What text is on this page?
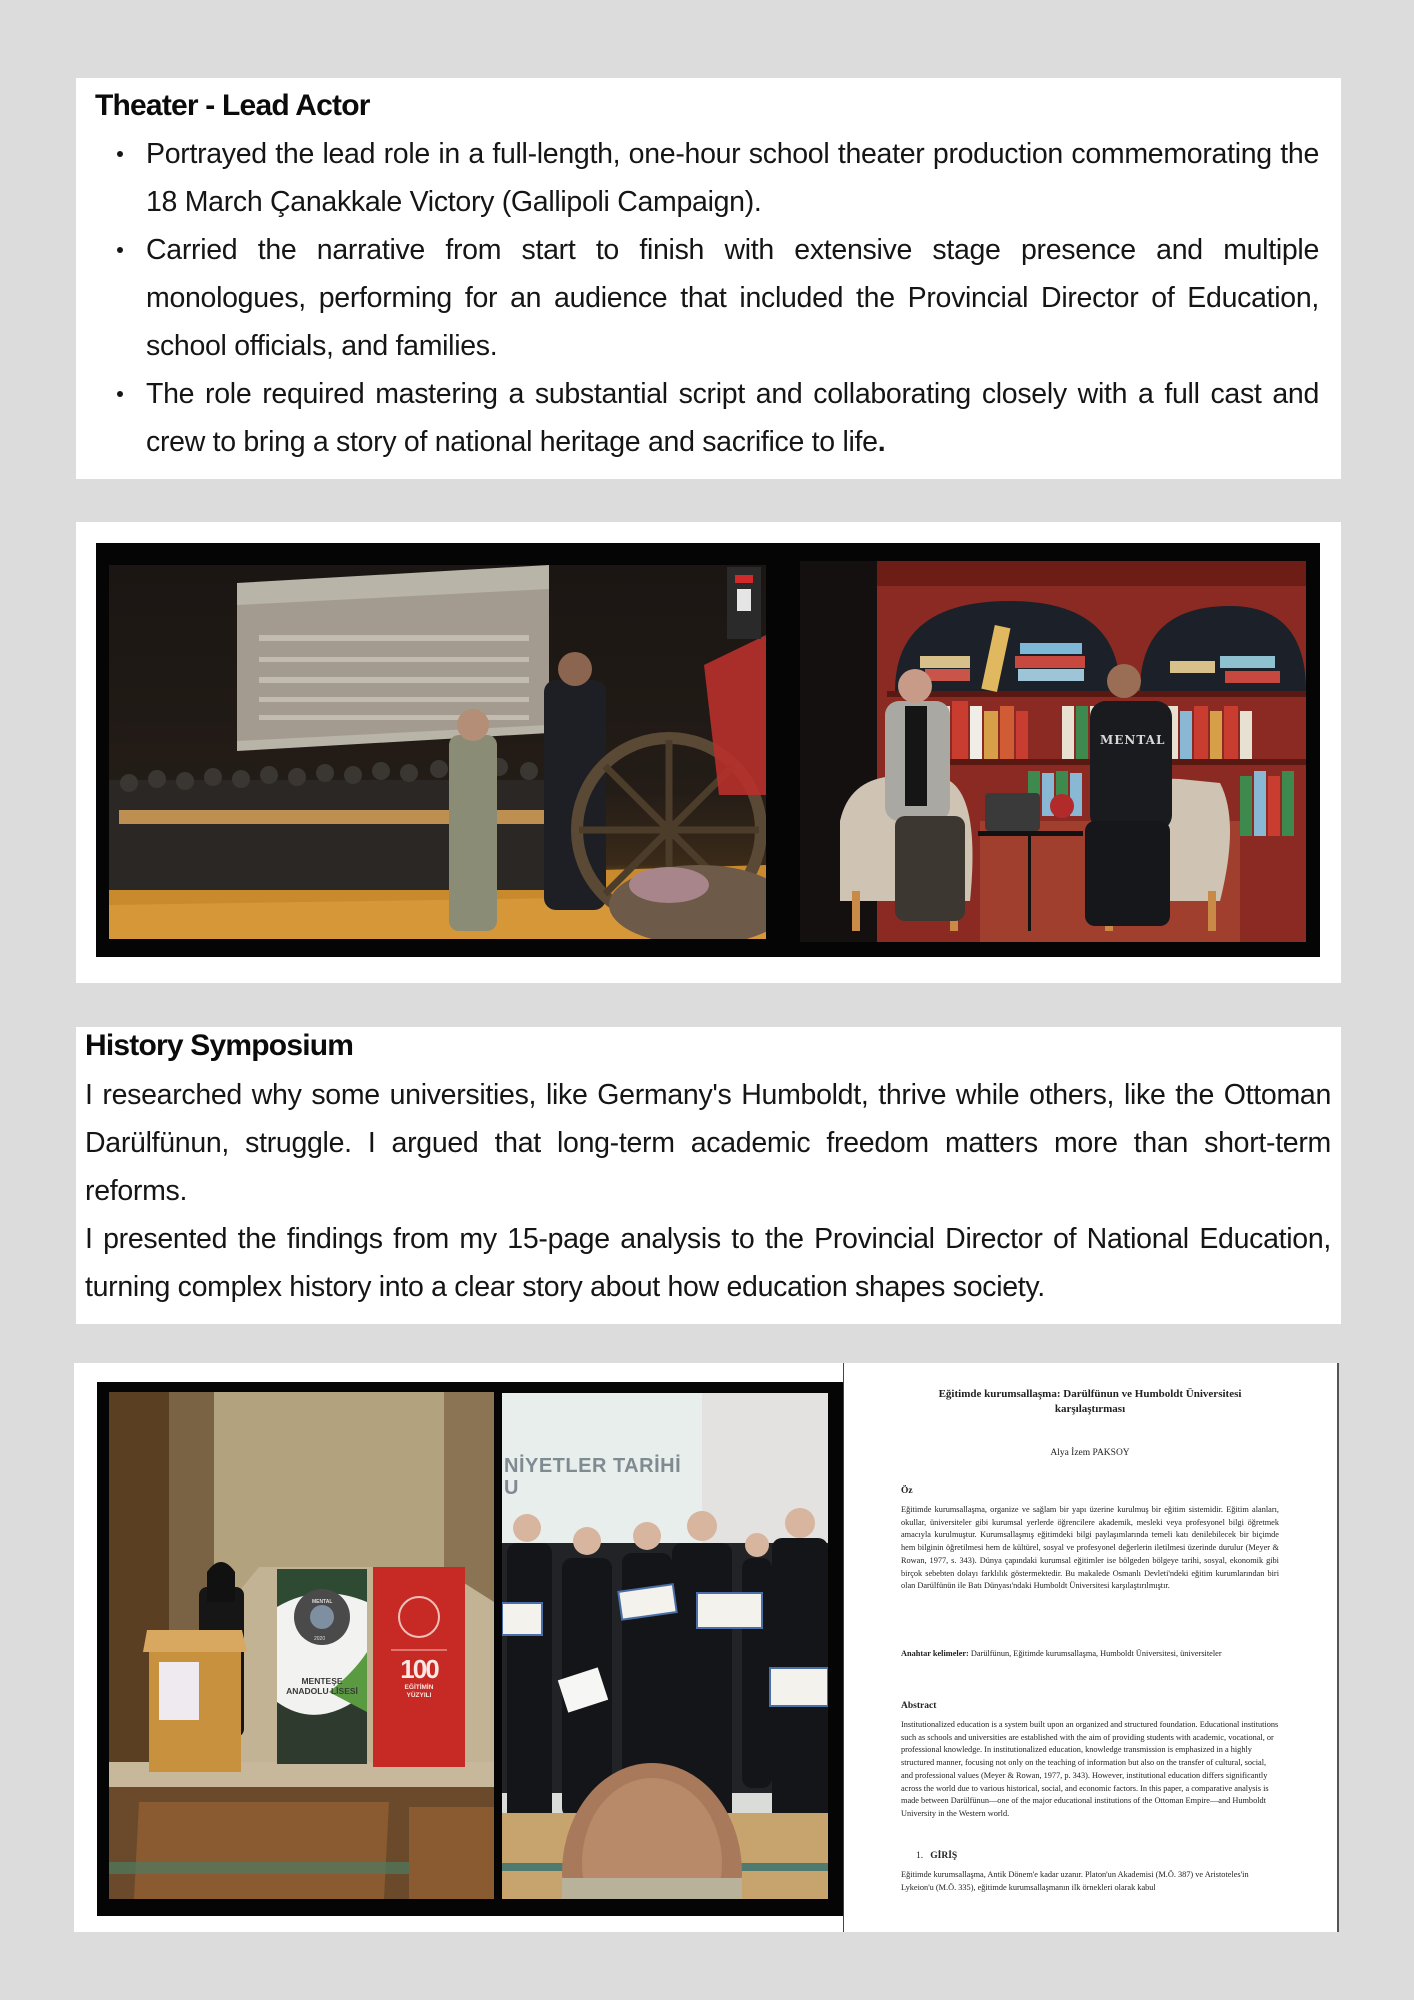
Theater - Lead Actor
Portrayed the lead role in a full-length, one-hour school theater production commemorating the 18 March Çanakkale Victory (Gallipoli Campaign).
Carried the narrative from start to finish with extensive stage presence and multiple monologues, performing for an audience that included the Provincial Director of Education, school officials, and families.
The role required mastering a substantial script and collaborating closely with a full cast and crew to bring a story of national heritage and sacrifice to life.
MENTAL
History Symposium

I researched why some universities, like Germany's Humboldt, thrive while others, like the Ottoman Darülfünun, struggle. I argued that long-term academic freedom matters more than short-term reforms.

I presented the findings from my 15-page analysis to the Provincial Director of National Education, turning complex history into a clear story about how education shapes society.

MENTAL
2020
MENTEŞE
ANADOLU LİSESİ
100
EĞİTİMİN
YÜZYILI
NİYETLER TARİHİ
U
Eğitimde kurumsallaşma: Darülfünun ve Humboldt Üniversitesi
karşılaştırması
Alya İzem PAKSOY
Öz
Eğitimde kurumsallaşma, organize ve sağlam bir yapı üzerine kurulmuş bir eğitim sistemidir. Eğitim alanları, okullar, üniversiteler gibi kurumsal yerlerde öğrencilere akademik, mesleki veya profesyonel bilgi öğretmek amacıyla kurulmuştur. Kurumsallaşmış eğitimdeki bilgi paylaşımlarında temeli katı denilebilecek bir biçimde hem bilginin öğretilmesi hem de kültürel, sosyal ve profesyonel değerlerin iletilmesi üzerinde durulur (Meyer & Rowan, 1977, s. 343). Dünya çapındaki kurumsal eğitimler ise bölgeden bölgeye tarihi, sosyal, ekonomik gibi birçok sebebten dolayı farklılık göstermektedir. Bu makalede Osmanlı Devleti'ndeki eğitim kurumlarından biri olan Darülfünün ile Batı Dünyası'ndaki Humboldt Üniversitesi karşılaştırılmıştır.
Anahtar kelimeler: Darülfünun, Eğitimde kurumsallaşma, Humboldt Üniversitesi, üniversiteler
Abstract
Institutionalized education is a system built upon an organized and structured foundation. Educational institutions such as schools and universities are established with the aim of providing students with academic, vocational, or professional knowledge. In institutionalized education, knowledge transmission is emphasized in a highly structured manner, focusing not only on the teaching of information but also on the transfer of cultural, social, and professional values (Meyer & Rowan, 1977, p. 343). However, institutional education differs significantly across the world due to various historical, social, and economic factors. In this paper, a comparative analysis is made between Darülfünun—one of the major educational institutions of the Ottoman Empire—and Humboldt University in the Western world.
1. GİRİŞ
Eğitimde kurumsallaşma, Antik Dönem'e kadar uzanır. Platon'un Akademisi (M.Ö. 387) ve Aristoteles'in Lykeion'u (M.Ö. 335), eğitimde kurumsallaşmanın ilk örnekleri olarak kabul
